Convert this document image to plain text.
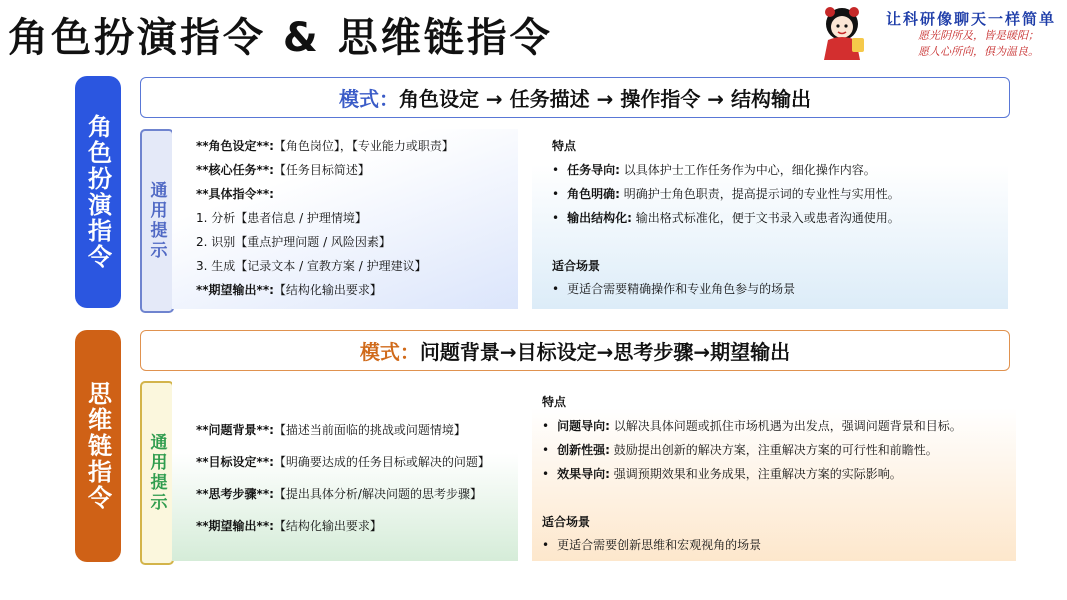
角色扮演指令 & 思维链指令	让科研像聊天一样简单
愿光阴所及，皆是暖阳；
愿人心所向，俱为温良。
角色扮演指令
模式： 角色设定 → 任务描述 → 操作指令 → 结构输出
通用提示
**角色设定**:【角色岗位】，【专业能力或职责】
**核心任务**:【任务目标简述】
**具体指令**:
1. 分析【患者信息 / 护理情境】
2. 识别【重点护理问题 / 风险因素】
3. 生成【记录文本 / 宣教方案 / 护理建议】
**期望输出**:【结构化输出要求】
特点
• 任务导向: 以具体护士工作任务作为中心，细化操作内容。
• 角色明确: 明确护士角色职责，提高提示词的专业性与实用性。
• 输出结构化: 输出格式标准化，便于文书录入或患者沟通使用。
适合场景
• 更适合需要精确操作和专业角色参与的场景
思维链指令
模式： 问题背景→目标设定→思考步骤→期望输出
通用提示
**问题背景**:【描述当前面临的挑战或问题情境】
**目标设定**:【明确要达成的任务目标或解决的问题】
**思考步骤**:【提出具体分析/解决问题的思考步骤】
**期望输出**:【结构化输出要求】
特点
• 问题导向: 以解决具体问题或抓住市场机遇为出发点，强调问题背景和目标。
• 创新性强: 鼓励提出创新的解决方案，注重解决方案的可行性和前瞻性。
• 效果导向: 强调预期效果和业务成果，注重解决方案的实际影响。
适合场景
• 更适合需要创新思维和宏观视角的场景
